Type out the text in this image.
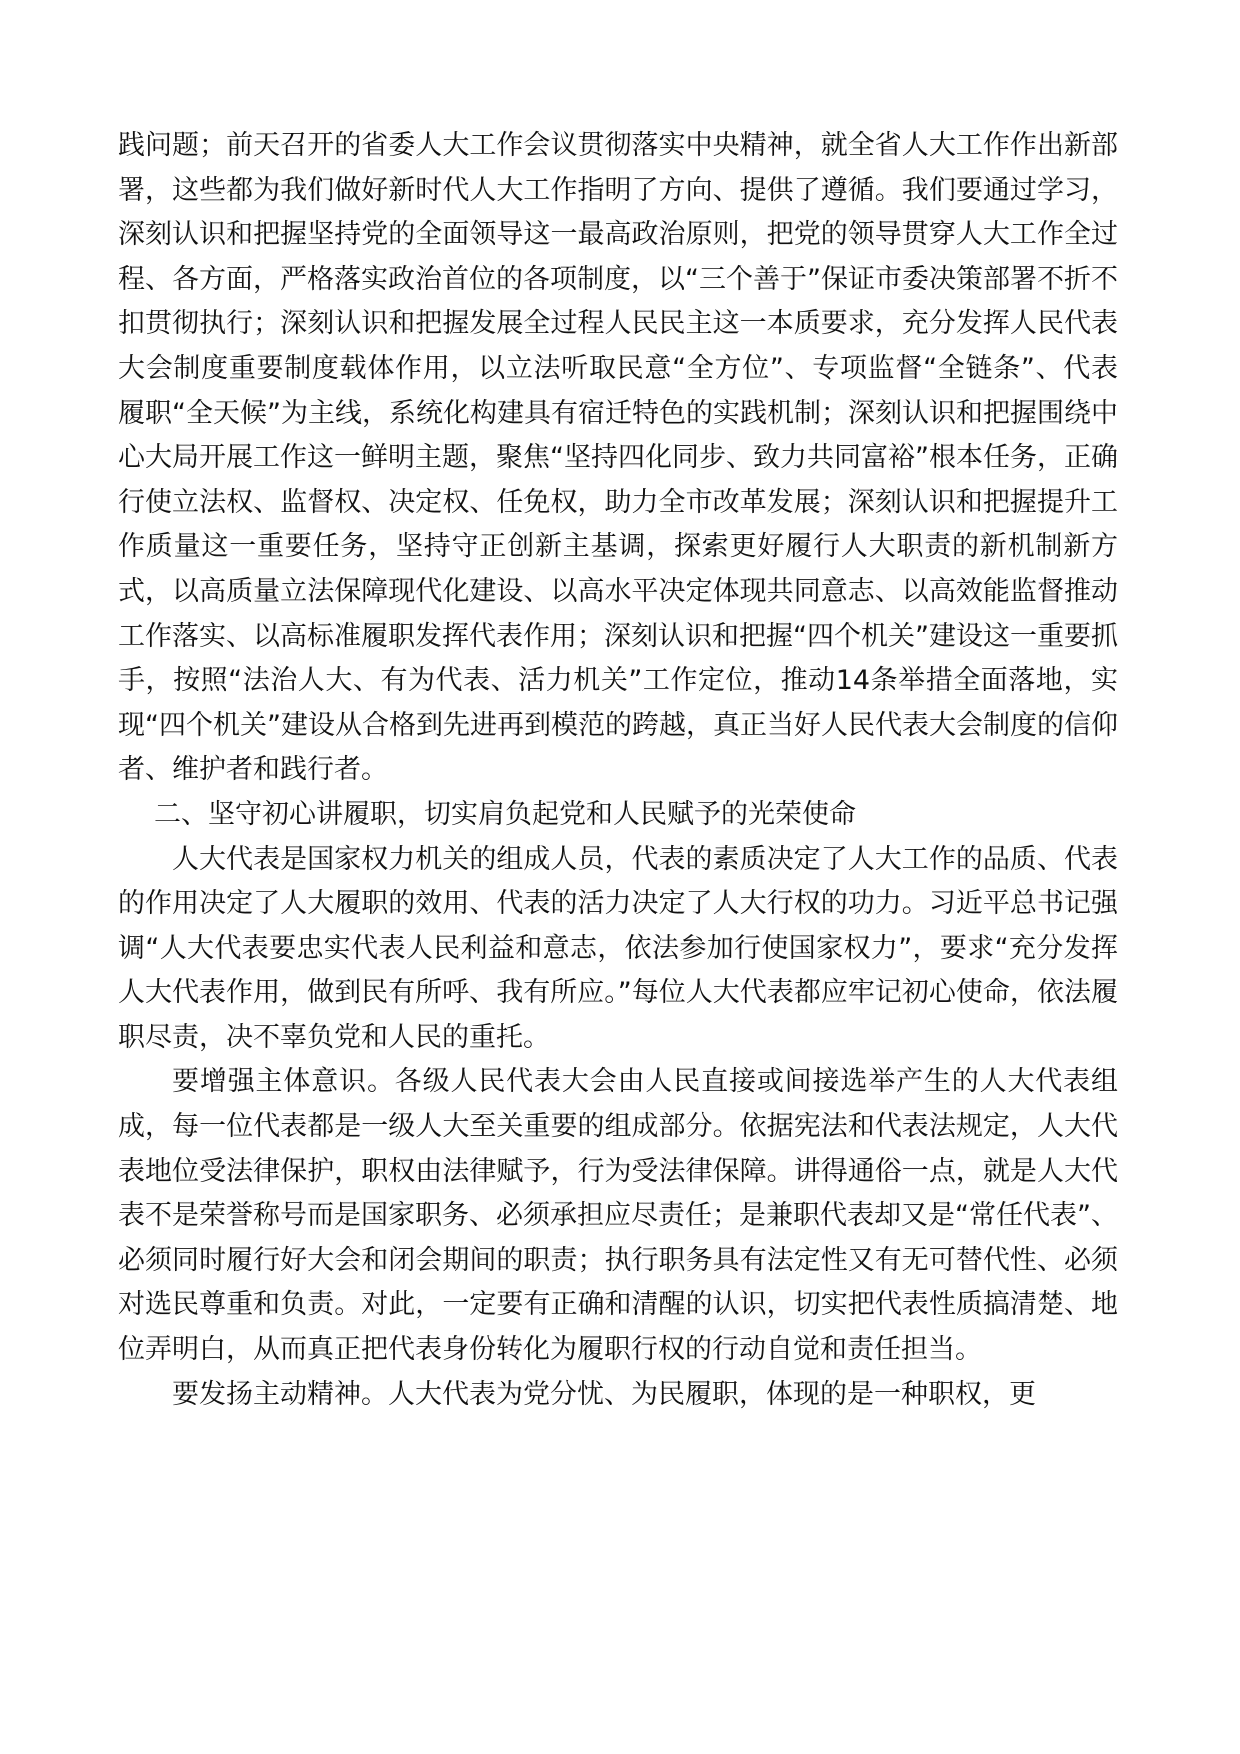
践问题；前天召开的省委人大工作会议贯彻落实中央精神，就全省人大工作作出新部署，这些都为我们做好新时代人大工作指明了方向、提供了遵循。我们要通过学习，深刻认识和把握坚持党的全面领导这一最高政治原则，把党的领导贯穿人大工作全过程、各方面，严格落实政治首位的各项制度，以“三个善于”保证市委决策部署不折不扣贯彻执行；深刻认识和把握发展全过程人民民主这一本质要求，充分发挥人民代表大会制度重要制度载体作用，以立法听取民意“全方位”、专项监督“全链条”、代表履职“全天候”为主线，系统化构建具有宿迁特色的实践机制；深刻认识和把握围绕中心大局开展工作这一鲜明主题，聚焦“坚持四化同步、致力共同富裕”根本任务，正确行使立法权、监督权、决定权、任免权，助力全市改革发展；深刻认识和把握提升工作质量这一重要任务，坚持守正创新主基调，探索更好履行人大职责的新机制新方式，以高质量立法保障现代化建设、以高水平决定体现共同意志、以高效能监督推动工作落实、以高标准履职发挥代表作用；深刻认识和把握“四个机关”建设这一重要抓手，按照“法治人大、有为代表、活力机关”工作定位，推动14条举措全面落地，实现“四个机关”建设从合格到先进再到模范的跨越，真正当好人民代表大会制度的信仰者、维护者和践行者。

二、坚守初心讲履职，切实肩负起党和人民赋予的光荣使命

人大代表是国家权力机关的组成人员，代表的素质决定了人大工作的品质、代表的作用决定了人大履职的效用、代表的活力决定了人大行权的功力。习近平总书记强调“人大代表要忠实代表人民利益和意志，依法参加行使国家权力”，要求“充分发挥人大代表作用，做到民有所呼、我有所应。”每位人大代表都应牢记初心使命，依法履职尽责，决不辜负党和人民的重托。

要增强主体意识。各级人民代表大会由人民直接或间接选举产生的人大代表组成，每一位代表都是一级人大至关重要的组成部分。依据宪法和代表法规定，人大代表地位受法律保护，职权由法律赋予，行为受法律保障。讲得通俗一点，就是人大代表不是荣誉称号而是国家职务、必须承担应尽责任；是兼职代表却又是“常任代表”、必须同时履行好大会和闭会期间的职责；执行职务具有法定性又有无可替代性、必须对选民尊重和负责。对此，一定要有正确和清醒的认识，切实把代表性质搞清楚、地位弄明白，从而真正把代表身份转化为履职行权的行动自觉和责任担当。

要发扬主动精神。人大代表为党分忧、为民履职，体现的是一种职权，更
